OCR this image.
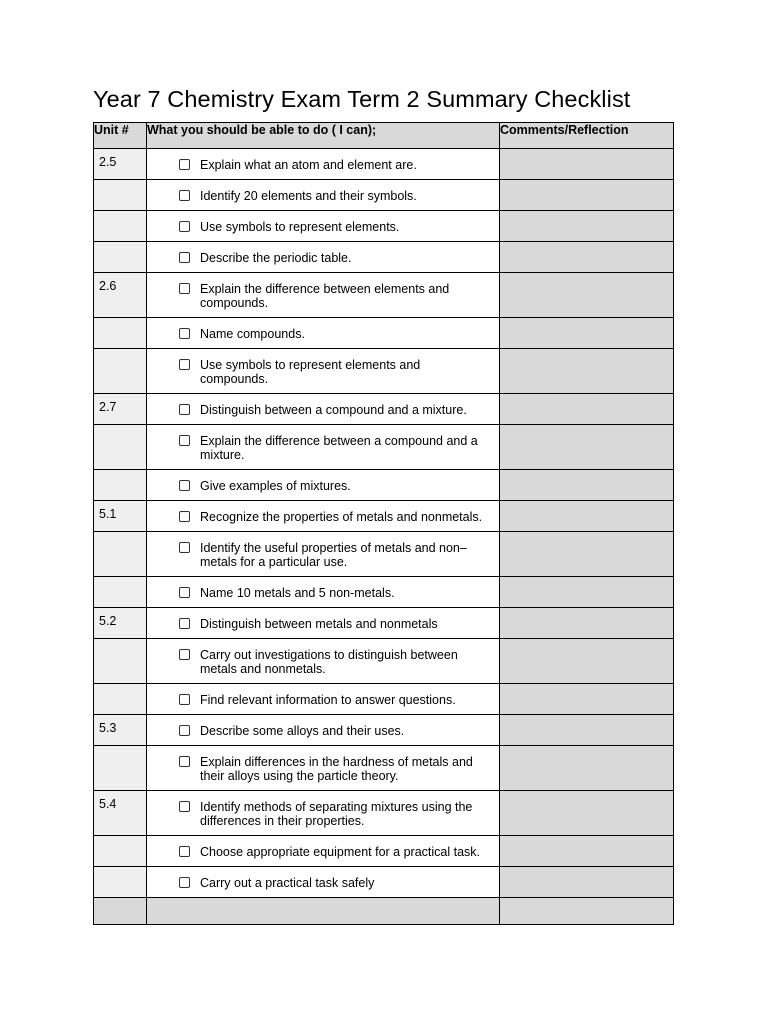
Year 7 Chemistry Exam Term 2 Summary Checklist
Unit #	What you should be able to do ( I can);	Comments/Reflection
2.5	Explain what an atom and element are.	

	Identify 20 elements and their symbols.	

	Use symbols to represent elements.	

	Describe the periodic table.	

2.6	Explain the difference between elements and compounds.	

	Name compounds.	

	Use symbols to represent elements and compounds.	

2.7	Distinguish between a compound and a mixture.	

	Explain the difference between a compound and a mixture.	

	Give examples of mixtures.	

5.1	Recognize the properties of metals and nonmetals.	

	Identify the useful properties of metals and non–metals for a particular use.	

	Name 10 metals and 5 non-metals.	

5.2	Distinguish between metals and nonmetals	

	Carry out investigations to distinguish between metals and nonmetals.	

	Find relevant information to answer questions.	

5.3	Describe some alloys and their uses.	

	Explain differences in the hardness of metals and their alloys using the particle theory.	

5.4	Identify methods of separating mixtures using the differences in their properties.	

	Choose appropriate equipment for a practical task.	

	Carry out a practical task safely	
